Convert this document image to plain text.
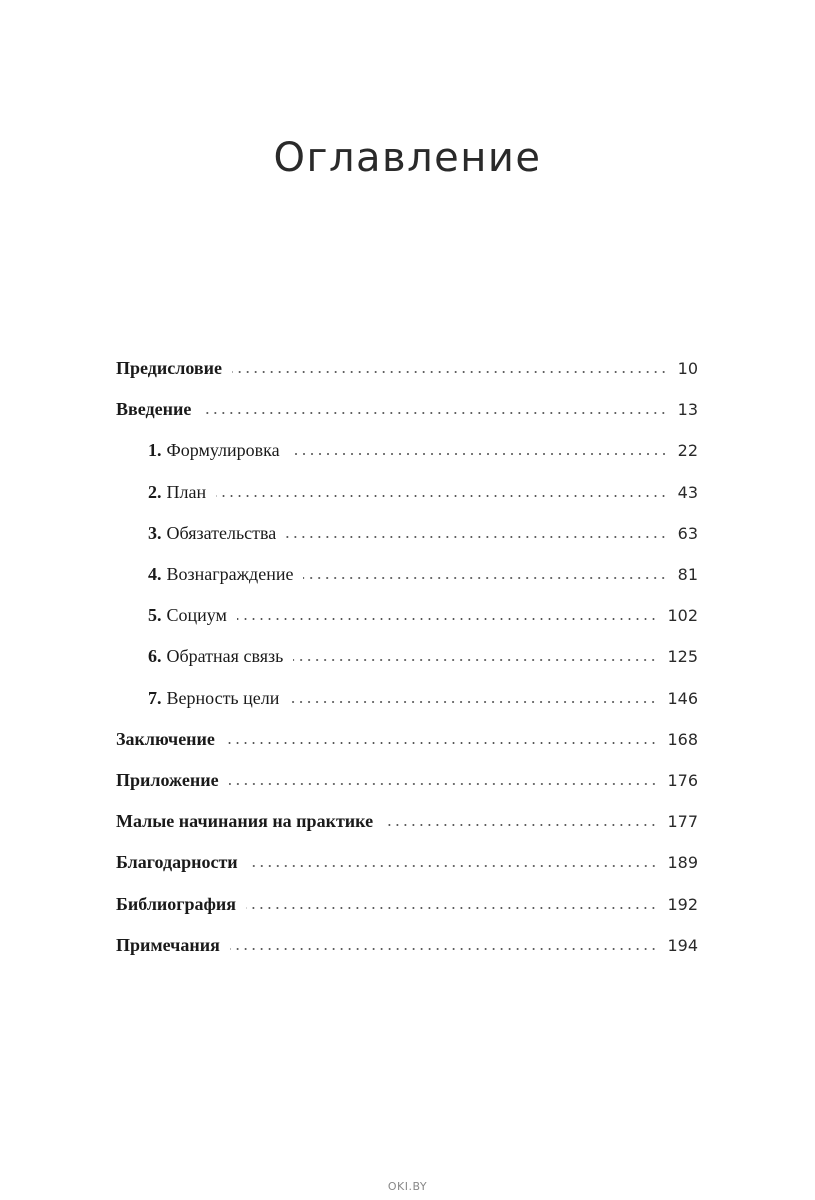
Оглавление
Предисловие	10
Введение	13
1. Формулировка	22
2. План	43
3. Обязательства	63
4. Вознаграждение	81
5. Социум	102
6. Обратная связь	125
7. Верность цели	146
Заключение	168
Приложение	176
Малые начинания на практике	177
Благодарности	189
Библиография	192
Примечания	194
OKI.BY
